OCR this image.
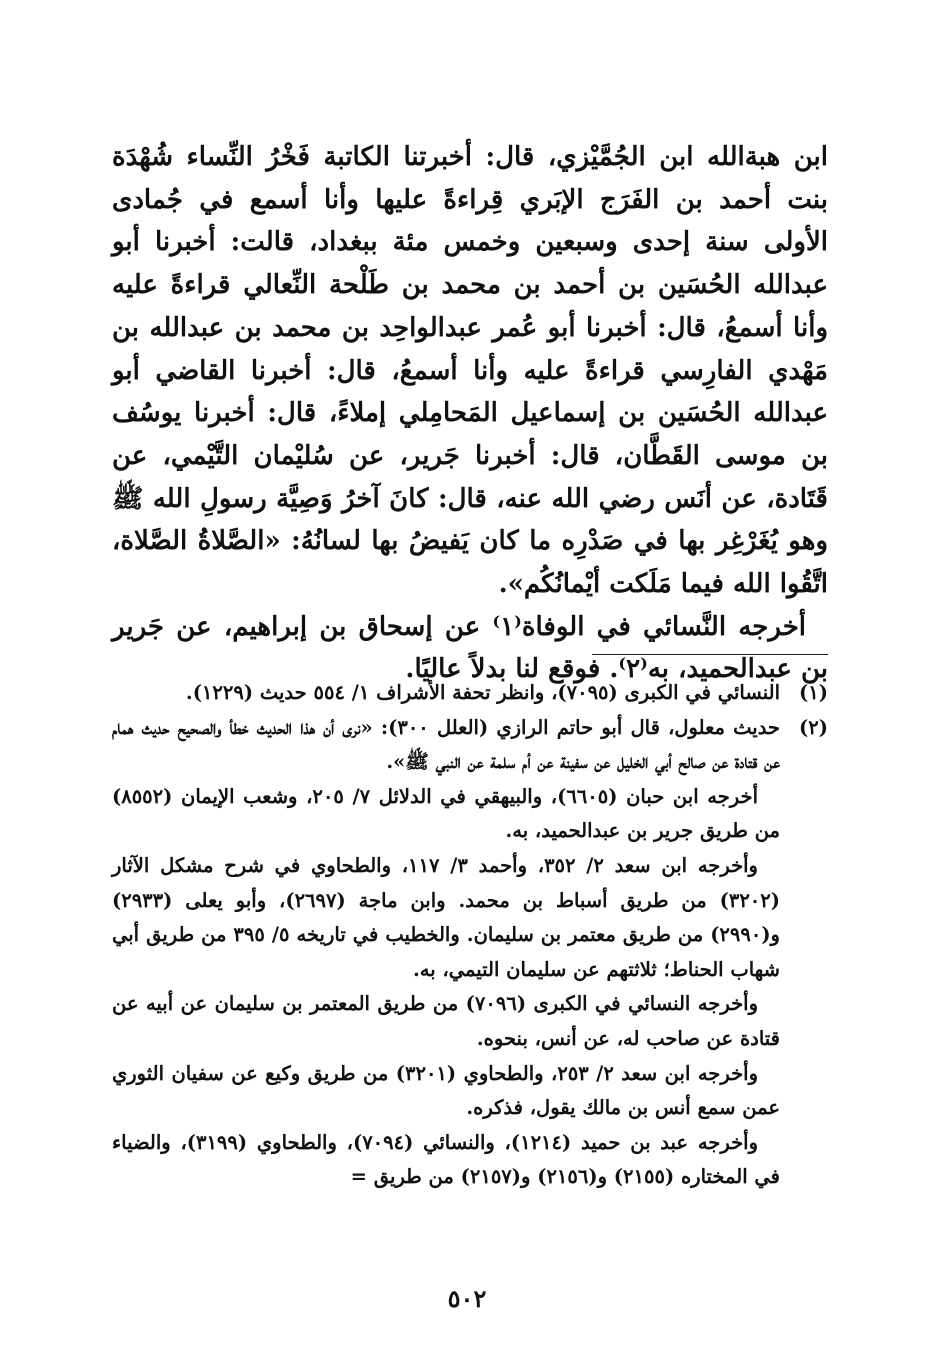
ابن هبةالله ابن الجُمَّيْزي، قال: أخبرتنا الكاتبة فَخْرُ النِّساء شُهْدَة بنت أحمد بن الفَرَج الإبَري قِراءةً عليها وأنا أسمع في جُمادى الأولى سنة إحدى وسبعين وخمس مئة ببغداد، قالت: أخبرنا أبو عبدالله الحُسَين بن أحمد بن محمد بن طَلْحة النِّعالي قراءةً عليه وأنا أسمعُ، قال: أخبرنا أبو عُمر عبدالواحِد بن محمد بن عبدالله بن مَهْدي الفارِسي قراءةً عليه وأنا أسمعُ، قال: أخبرنا القاضي أبو عبدالله الحُسَين بن إسماعيل المَحامِلي إملاءً، قال: أخبرنا يوسُف بن موسى القَطَّان، قال: أخبرنا جَرير، عن سُليْمان التَّيْمي، عن قَتَادة، عن أنَس رضي الله عنه، قال: كانَ آخرُ وَصِيَّة رسولِ الله ﷺ وهو يُغَرْغِر بها في صَدْرِه ما كان يَفيضُ بها لسانُهُ: «الصَّلاةُ الصَّلاة، اتَّقُوا الله فيما مَلَكت أيْمانُكُم».

أخرجه النَّسائي في الوفاة⁽١⁾ عن إسحاق بن إبراهيم، عن جَرير بن عبدالحميد، به⁽٢⁾. فوقع لنا بدلاً عاليًا.

(١)

النسائي في الكبرى (٧٠٩٥)، وانظر تحفة الأشراف ١/ ٥٥٤ حديث (١٢٢٩).

(٢)

حديث معلول، قال أبو حاتم الرازي (العلل ٣٠٠): «نرى أن هذا الحديث خطأ والصحيح حديث همام عن قتادة عن صالح أبي الخليل عن سفينة عن أم سلمة عن النبي ﷺ».

أخرجه ابن حبان (٦٦٠٥)، والبيهقي في الدلائل ٧/ ٢٠٥، وشعب الإيمان (٨٥٥٢) من طريق جرير بن عبدالحميد، به.

وأخرجه ابن سعد ٢/ ٣٥٢، وأحمد ٣/ ١١٧، والطحاوي في شرح مشكل الآثار (٣٢٠٢) من طريق أسباط بن محمد. وابن ماجة (٢٦٩٧)، وأبو يعلى (٢٩٣٣) و(٢٩٩٠) من طريق معتمر بن سليمان. والخطيب في تاريخه ٥/ ٣٩٥ من طريق أبي شهاب الحناط؛ ثلاثتهم عن سليمان التيمي، به.

وأخرجه النسائي في الكبرى (٧٠٩٦) من طريق المعتمر بن سليمان عن أبيه عن قتادة عن صاحب له، عن أنس، بنحوه.

وأخرجه ابن سعد ٢/ ٢٥٣، والطحاوي (٣٢٠١) من طريق وكيع عن سفيان الثوري عمن سمع أنس بن مالك يقول، فذكره.

وأخرجه عبد بن حميد (١٢١٤)، والنسائي (٧٠٩٤)، والطحاوي (٣١٩٩)، والضياء في المختاره (٢١٥٥) و(٢١٥٦) و(٢١٥٧) من طريق =

٥٠٢
